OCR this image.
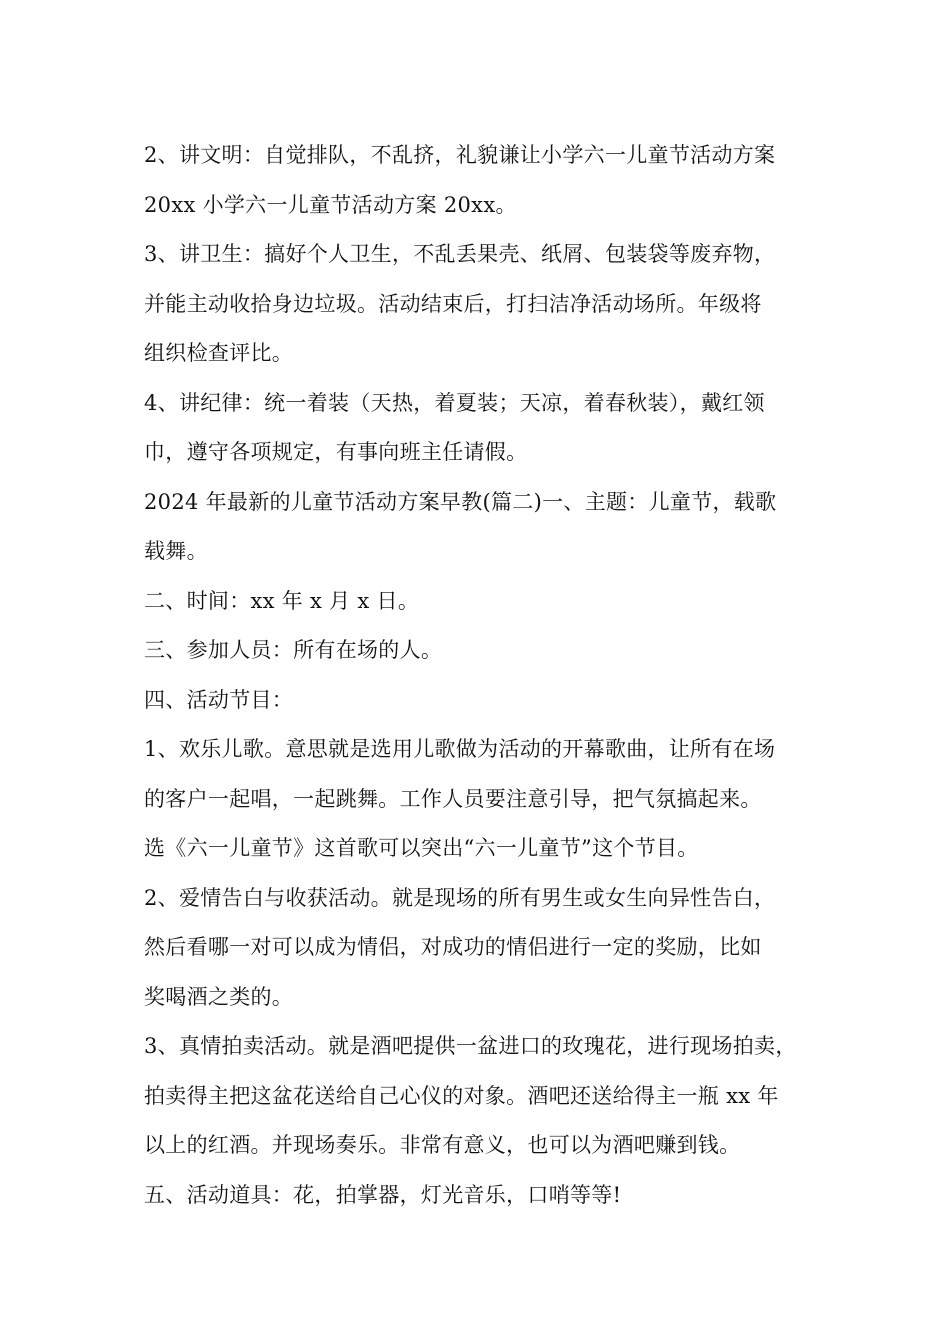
2、讲文明：自觉排队，不乱挤，礼貌谦让小学六一儿童节活动方案
20xx 小学六一儿童节活动方案 20xx。
3、讲卫生：搞好个人卫生，不乱丢果壳、纸屑、包装袋等废弃物，
并能主动收拾身边垃圾。活动结束后，打扫洁净活动场所。年级将
组织检查评比。
4、讲纪律：统一着装（天热，着夏装；天凉，着春秋装），戴红领
巾，遵守各项规定，有事向班主任请假。
2024 年最新的儿童节活动方案早教(篇二)一、主题：儿童节，载歌
载舞。
二、时间：xx 年 x 月 x 日。
三、参加人员：所有在场的人。
四、活动节目：
1、欢乐儿歌。意思就是选用儿歌做为活动的开幕歌曲，让所有在场
的客户一起唱，一起跳舞。工作人员要注意引导，把气氛搞起来。
选《六一儿童节》这首歌可以突出“六一儿童节”这个节目。
2、爱情告白与收获活动。就是现场的所有男生或女生向异性告白，
然后看哪一对可以成为情侣，对成功的情侣进行一定的奖励，比如
奖喝酒之类的。
3、真情拍卖活动。就是酒吧提供一盆进口的玫瑰花，进行现场拍卖，
拍卖得主把这盆花送给自己心仪的对象。酒吧还送给得主一瓶 xx 年
以上的红酒。并现场奏乐。非常有意义，也可以为酒吧赚到钱。
五、活动道具：花，拍掌器，灯光音乐，口哨等等!
